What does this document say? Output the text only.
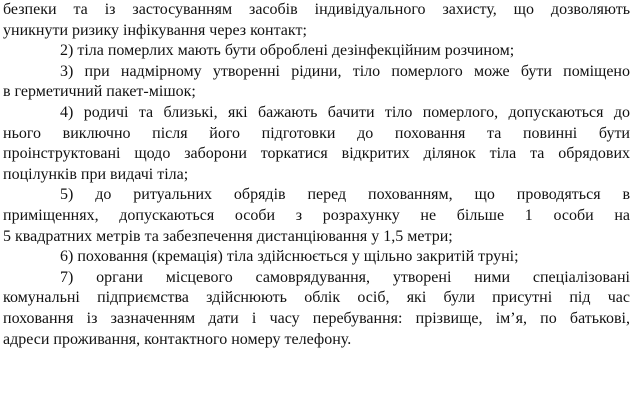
безпеки та із застосуванням засобів індивідуального захисту, що дозволяють
уникнути ризику інфікування через контакт;
2) тіла померлих мають бути оброблені дезінфекційним розчином;
3) при надмірному утворенні рідини, тіло померлого може бути поміщено
в герметичний пакет-мішок;
4) родичі та близькі, які бажають бачити тіло померлого, допускаються до
нього виключно після його підготовки до поховання та повинні бути
проінструктовані щодо заборони торкатися відкритих ділянок тіла та обрядових
поцілунків при видачі тіла;
5) до ритуальних обрядів перед похованням, що проводяться в
приміщеннях, допускаються особи з розрахунку не більше 1 особи на
5 квадратних метрів та забезпечення дистанціювання у 1,5 метри;
6) поховання (кремація) тіла здійснюється у щільно закритій труні;
7) органи місцевого самоврядування, утворені ними спеціалізовані
комунальні підприємства здійснюють облік осіб, які були присутні під час
поховання із зазначенням дати і часу перебування: прізвище, ім’я, по батькові,
адреси проживання, контактного номеру телефону.
